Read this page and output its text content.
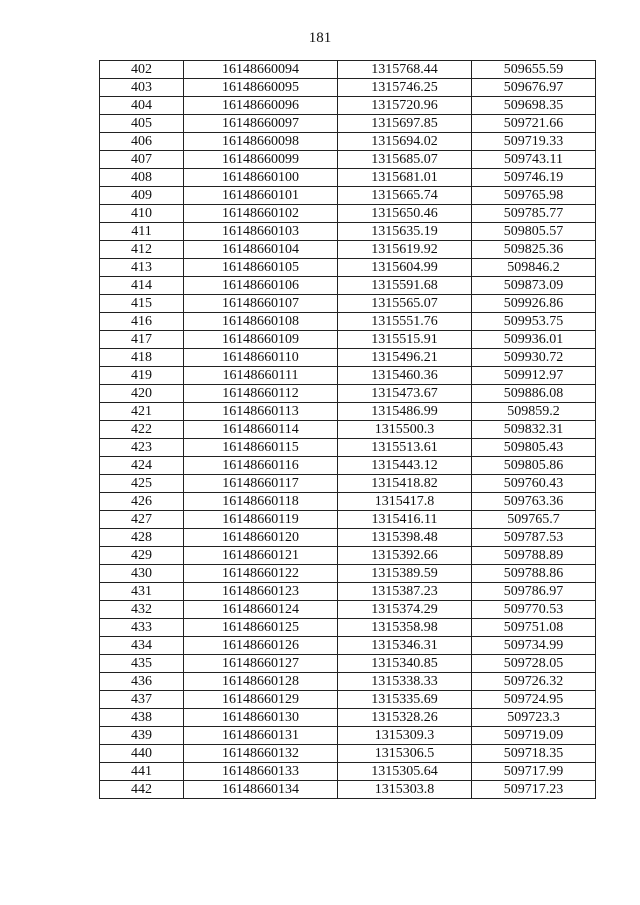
181
402	16148660094	1315768.44	509655.59
403	16148660095	1315746.25	509676.97
404	16148660096	1315720.96	509698.35
405	16148660097	1315697.85	509721.66
406	16148660098	1315694.02	509719.33
407	16148660099	1315685.07	509743.11
408	16148660100	1315681.01	509746.19
409	16148660101	1315665.74	509765.98
410	16148660102	1315650.46	509785.77
411	16148660103	1315635.19	509805.57
412	16148660104	1315619.92	509825.36
413	16148660105	1315604.99	509846.2
414	16148660106	1315591.68	509873.09
415	16148660107	1315565.07	509926.86
416	16148660108	1315551.76	509953.75
417	16148660109	1315515.91	509936.01
418	16148660110	1315496.21	509930.72
419	16148660111	1315460.36	509912.97
420	16148660112	1315473.67	509886.08
421	16148660113	1315486.99	509859.2
422	16148660114	1315500.3	509832.31
423	16148660115	1315513.61	509805.43
424	16148660116	1315443.12	509805.86
425	16148660117	1315418.82	509760.43
426	16148660118	1315417.8	509763.36
427	16148660119	1315416.11	509765.7
428	16148660120	1315398.48	509787.53
429	16148660121	1315392.66	509788.89
430	16148660122	1315389.59	509788.86
431	16148660123	1315387.23	509786.97
432	16148660124	1315374.29	509770.53
433	16148660125	1315358.98	509751.08
434	16148660126	1315346.31	509734.99
435	16148660127	1315340.85	509728.05
436	16148660128	1315338.33	509726.32
437	16148660129	1315335.69	509724.95
438	16148660130	1315328.26	509723.3
439	16148660131	1315309.3	509719.09
440	16148660132	1315306.5	509718.35
441	16148660133	1315305.64	509717.99
442	16148660134	1315303.8	509717.23
